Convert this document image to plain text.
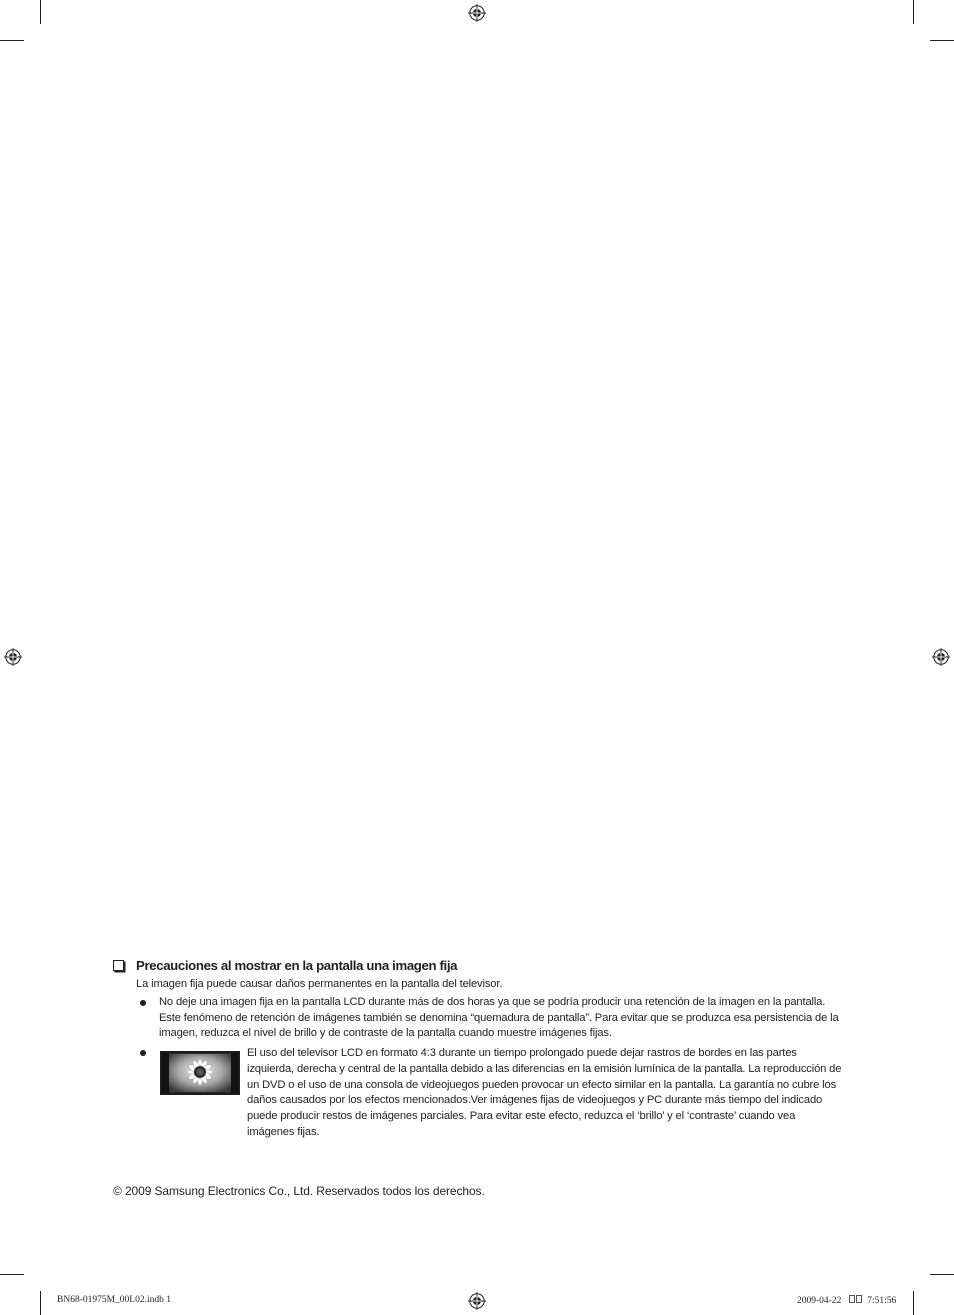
Precauciones al mostrar en la pantalla una imagen fija
La imagen fija puede causar daños permanentes en la pantalla del televisor.
No deje una imagen fija en la pantalla LCD durante más de dos horas ya que se podría producir una retención de la imagen en la pantalla. Este fenómeno de retención de imágenes también se denomina “quemadura de pantalla”. Para evitar que se produzca esa persistencia de la imagen, reduzca el nivel de brillo y de contraste de la pantalla cuando muestre imágenes fijas.
El uso del televisor LCD en formato 4:3 durante un tiempo prolongado puede dejar rastros de bordes en las partes izquierda, derecha y central de la pantalla debido a las diferencias en la emisión lumínica de la pantalla. La reproducción de un DVD o el uso de una consola de videojuegos pueden provocar un efecto similar en la pantalla. La garantía no cubre los daños causados por los efectos mencionados.Ver imágenes fijas de videojuegos y PC durante más tiempo del indicado puede producir restos de imágenes parciales. Para evitar este efecto, reduzca el ‘brillo’ y el ‘contraste’ cuando vea imágenes fijas.
© 2009 Samsung Electronics Co., Ltd. Reservados todos los derechos.
BN68-01975M_00L02.indb 1	2009-04-22	7:51:56
